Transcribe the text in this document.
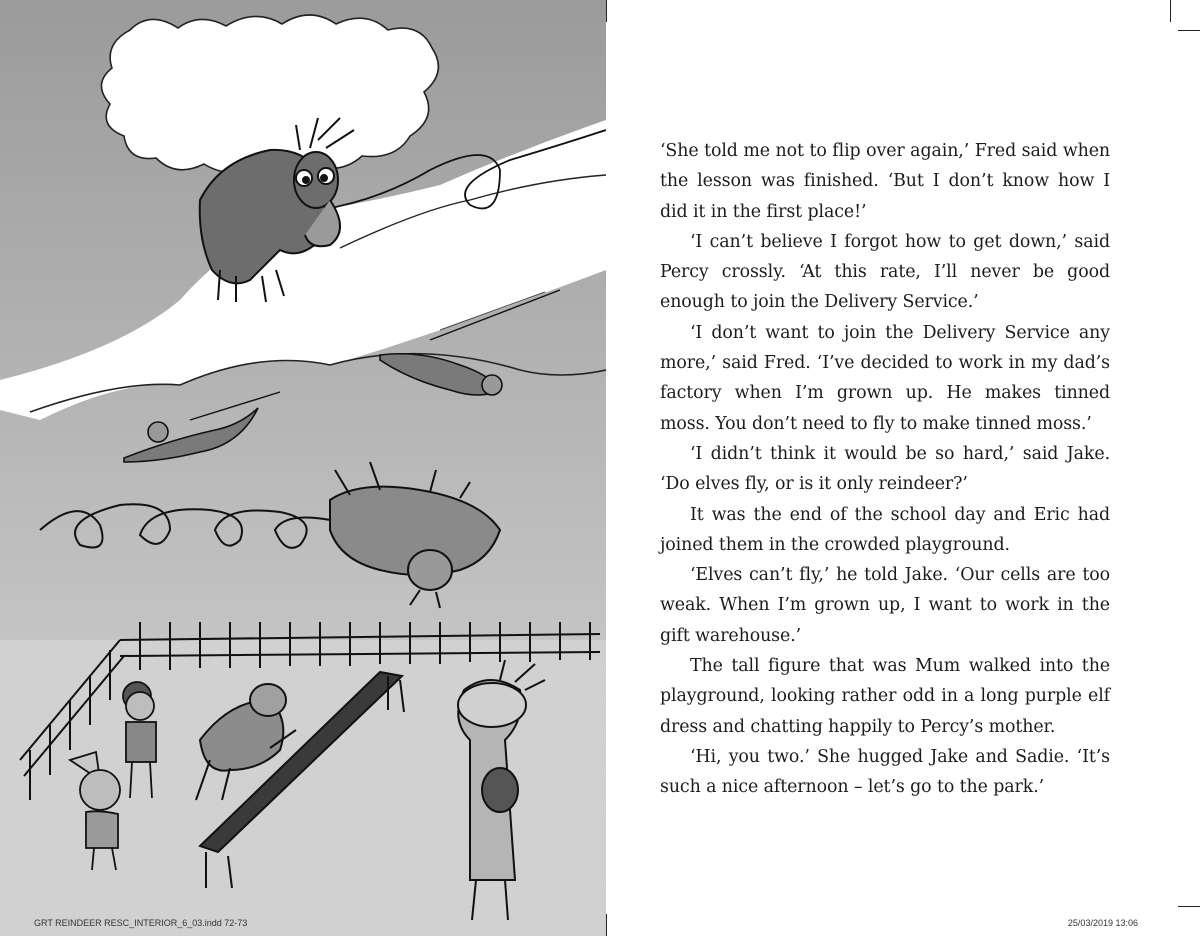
‘She told me not to flip over again,’ Fred said when the lesson was finished. ‘But I don’t know how I did it in the first place!’

‘I can’t believe I forgot how to get down,’ said Percy crossly. ‘At this rate, I’ll never be good enough to join the Delivery Service.’

‘I don’t want to join the Delivery Service any more,’ said Fred. ‘I’ve decided to work in my dad’s factory when I’m grown up. He makes tinned moss. You don’t need to fly to make tinned moss.’

‘I didn’t think it would be so hard,’ said Jake. ‘Do elves fly, or is it only reindeer?’

It was the end of the school day and Eric had joined them in the crowded playground.

‘Elves can’t fly,’ he told Jake. ‘Our cells are too weak. When I’m grown up, I want to work in the gift warehouse.’

The tall figure that was Mum walked into the playground, looking rather odd in a long purple elf dress and chatting happily to Percy’s mother.

‘Hi, you two.’ She hugged Jake and Sadie. ‘It’s such a nice afternoon – let’s go to the park.’

GRT REINDEER RESC_INTERIOR_6_03.indd 72-73	25/03/2019 13:06
